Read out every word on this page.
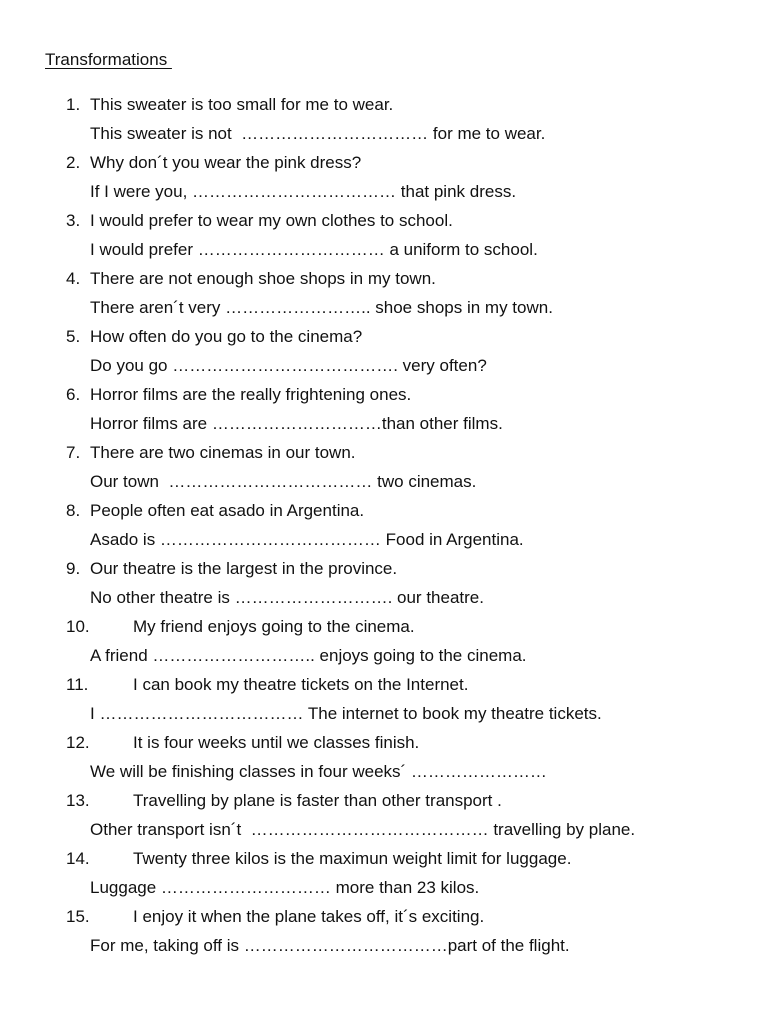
Transformations
1. This sweater is too small for me to wear.
This sweater is not  …………………………… for me to wear.
2. Why don´t you wear the pink dress?
If I were you, ……………………………… that pink dress.
3. I would prefer to wear my own clothes to school.
I would prefer …………………………… a uniform to school.
4. There are not enough shoe shops in my town.
There aren´t very …………………….. shoe shops in my town.
5. How often do you go to the cinema?
Do you go …………………………………. very often?
6. Horror films are the really frightening ones.
Horror films are …………………………than other films.
7. There are two cinemas in our town.
Our town  ……………………………… two cinemas.
8. People often eat asado in Argentina.
Asado is ………………………………… Food in Argentina.
9. Our theatre is the largest in the province.
No other theatre is ………………………. our theatre.
10.	My friend enjoys going to the cinema.
A friend ……………………….. enjoys going to the cinema.
11.	I can book my theatre tickets on the Internet.
I ……………………………… The internet to book my theatre tickets.
12.	It is four weeks until we classes finish.
We will be finishing classes in four weeks´ ……………………
13.	Travelling by plane is faster than other transport .
Other transport isn´t  …………………………………… travelling by plane.
14.	Twenty three kilos is the maximun weight limit for luggage.
Luggage ………………………… more than 23 kilos.
15.	I enjoy it when the plane takes off, it´s exciting.
For me, taking off is ………………………………part of the flight.
